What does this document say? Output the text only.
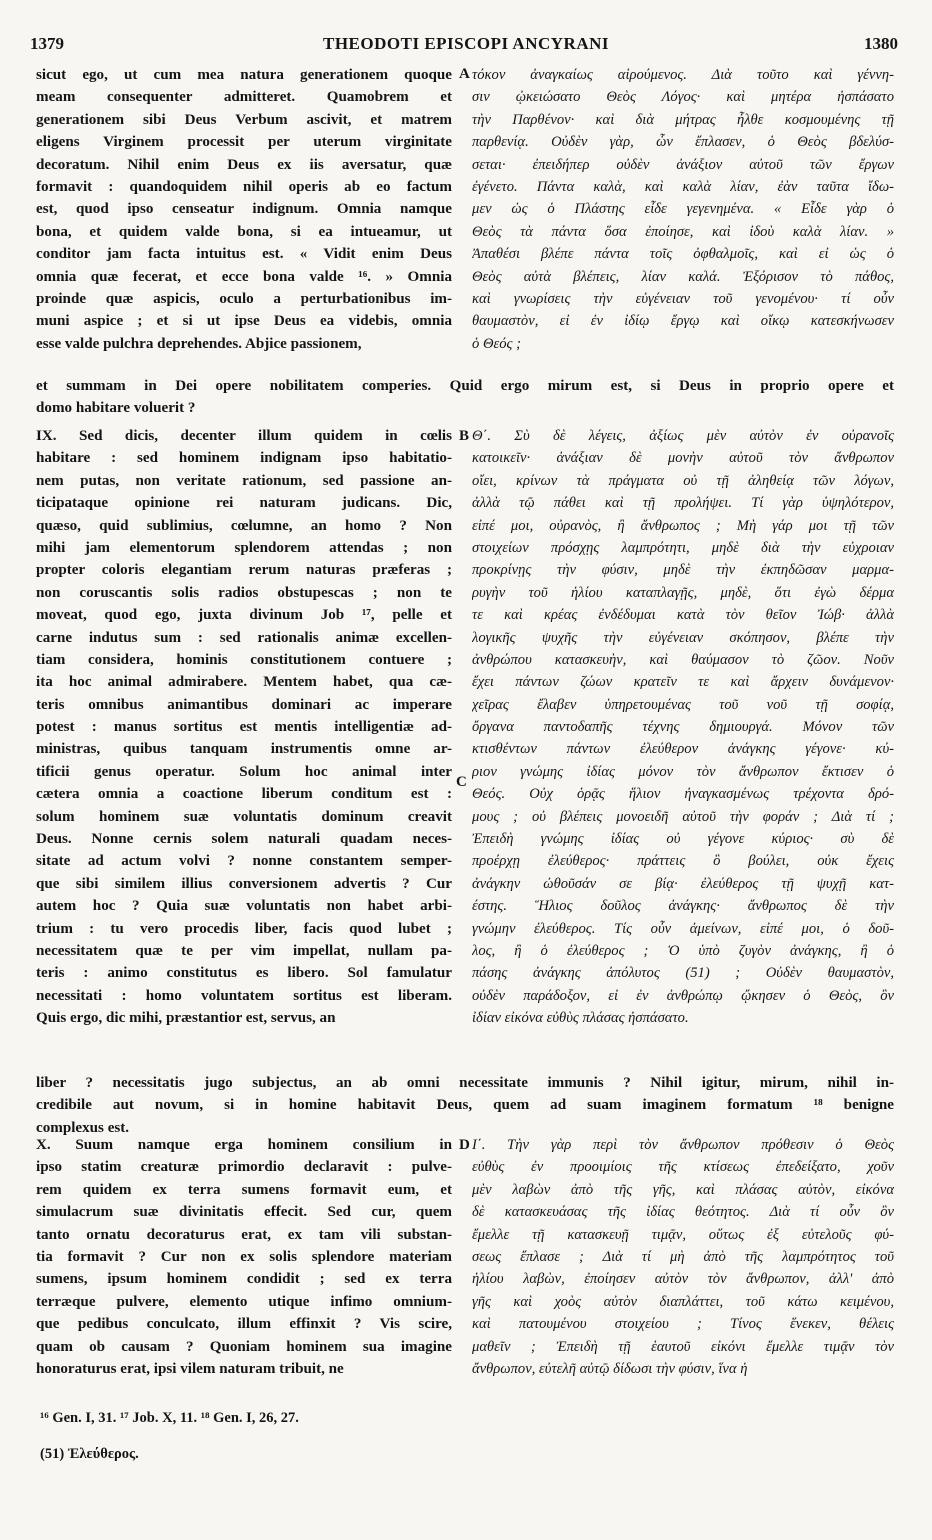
1379	THEODOTI EPISCOPI ANCYRANI	1380
sicut ego, ut cum mea natura generationem quoque
meam consequenter admitteret. Quamobrem et
generationem sibi Deus Verbum ascivit, et matrem
eligens Virginem processit per uterum virginitate
decoratum. Nihil enim Deus ex iis aversatur, quæ
formavit : quandoquidem nihil operis ab eo factum
est, quod ipso censeatur indignum. Omnia namque
bona, et quidem valde bona, si ea intueamur, ut
conditor jam facta intuitus est. « Vidit enim Deus
omnia quæ fecerat, et ecce bona valde ¹⁶. » Omnia
proinde quæ aspicis, oculo a perturbationibus im-
muni aspice ; et si ut ipse Deus ea videbis, omnia
esse valde pulchra deprehendes. Abjice passionem,
τόκον ἀναγκαίως αἱρούμενος. Διὰ τοῦτο καὶ γέννη-
σιν ᾠκειώσατο Θεὸς Λόγος· καὶ μητέρα ἠσπάσατο
τὴν Παρθένον· καὶ διὰ μήτρας ἦλθε κοσμουμένης τῇ
παρθενίᾳ. Οὐδὲν γὰρ, ὧν ἔπλασεν, ὁ Θεὸς βδελύσ-
σεται· ἐπειδήπερ οὐδὲν ἀνάξιον αὐτοῦ τῶν ἔργων
ἐγένετο. Πάντα καλὰ, καὶ καλὰ λίαν, ἐὰν ταῦτα ἴδω-
μεν ὡς ὁ Πλάστης εἶδε γεγενημένα. « Εἶδε γὰρ ὁ
Θεὸς τὰ πάντα ὅσα ἐποίησε, καὶ ἰδοὺ καλὰ λίαν. »
Ἀπαθέσι βλέπε πάντα τοῖς ὀφθαλμοῖς, καὶ εἰ ὡς ὁ
Θεὸς αὐτὰ βλέπεις, λίαν καλά. Ἐξόρισον τὸ πάθος,
καὶ γνωρίσεις τὴν εὐγένειαν τοῦ γενομένου· τί οὖν
θαυμαστὸν, εἰ ἐν ἰδίῳ ἔργῳ καὶ οἴκῳ κατεσκήνωσεν
ὁ Θεός ;
et summam in Dei opere nobilitatem comperies. Quid ergo mirum est, si Deus in proprio opere et
domo habitare voluerit ?
IX. Sed dicis, decenter illum quidem in cœlis
habitare : sed hominem indignam ipso habitatio-
nem putas, non veritate rationum, sed passione an-
ticipataque opinione rei naturam judicans. Dic,
quæso, quid sublimius, cœlumne, an homo ? Non
mihi jam elementorum splendorem attendas ; non
propter coloris elegantiam rerum naturas præferas ;
non coruscantis solis radios obstupescas ; non te
moveat, quod ego, juxta divinum Job ¹⁷, pelle et
carne indutus sum : sed rationalis animæ excellen-
tiam considera, hominis constitutionem contuere ;
ita hoc animal admirabere. Mentem habet, qua cæ-
teris omnibus animantibus dominari ac imperare
potest : manus sortitus est mentis intelligentiæ ad-
ministras, quibus tanquam instrumentis omne ar-
tificii genus operatur. Solum hoc animal inter
cætera omnia a coactione liberum conditum est :
solum hominem suæ voluntatis dominum creavit
Deus. Nonne cernis solem naturali quadam neces-
sitate ad actum volvi ? nonne constantem semper-
que sibi similem illius conversionem advertis ? Cur
autem hoc ? Quia suæ voluntatis non habet arbi-
trium : tu vero procedis liber, facis quod lubet ;
necessitatem quæ te per vim impellat, nullam pa-
teris : animo constitutus es libero. Sol famulatur
necessitati : homo voluntatem sortitus est liberam.
Quis ergo, dic mihi, præstantior est, servus, an
Θ΄. Σὺ δὲ λέγεις, ἀξίως μὲν αὐτὸν ἐν οὐρανοῖς
κατοικεῖν· ἀνάξιαν δὲ μονὴν αὐτοῦ τὸν ἄνθρωπον
οἴει, κρίνων τὰ πράγματα οὐ τῇ ἀληθείᾳ τῶν λόγων,
ἀλλὰ τῷ πάθει καὶ τῇ προλήψει. Τί γὰρ ὑψηλότερον,
εἰπέ μοι, οὐρανὸς, ἢ ἄνθρωπος ; Μὴ γάρ μοι τῇ τῶν
στοιχείων πρόσχῃς λαμπρότητι, μηδὲ διὰ τὴν εὐχροιαν
προκρίνῃς τὴν φύσιν, μηδὲ τὴν ἐκπηδῶσαν μαρμα-
ρυγὴν τοῦ ἡλίου καταπλαγῇς, μηδὲ, ὅτι ἐγὼ δέρμα
τε καὶ κρέας ἐνδέδυμαι κατὰ τὸν θεῖον Ἰώβ· ἀλλὰ
λογικῆς ψυχῆς τὴν εὐγένειαν σκόπησον, βλέπε τὴν
ἀνθρώπου κατασκευὴν, καὶ θαύμασον τὸ ζῶον. Νοῦν
ἔχει πάντων ζώων κρατεῖν τε καὶ ἄρχειν δυνάμενον·
χεῖρας ἔλαβεν ὑπηρετουμένας τοῦ νοῦ τῇ σοφίᾳ,
ὄργανα παντοδαπῆς τέχνης δημιουργά. Μόνον τῶν
κτισθέντων πάντων ἐλεύθερον ἀνάγκης γέγονε· κύ-
ριον γνώμης ἰδίας μόνον τὸν ἄνθρωπον ἔκτισεν ὁ
Θεός. Οὐχ ὁρᾷς ἥλιον ἠναγκασμένως τρέχοντα δρό-
μους ; οὐ βλέπεις μονοειδῆ αὐτοῦ τὴν φοράν ; Διὰ τί ;
Ἐπειδὴ γνώμης ἰδίας οὐ γέγονε κύριος· σὺ δὲ
προέρχῃ ἐλεύθερος· πράττεις ὃ βούλει, οὐκ ἔχεις
ἀνάγκην ὠθοῦσάν σε βίᾳ· ἐλεύθερος τῇ ψυχῇ κατ-
έστης. Ἥλιος δοῦλος ἀνάγκης· ἄνθρωπος δὲ τὴν
γνώμην ἐλεύθερος. Τίς οὖν ἀμείνων, εἰπέ μοι, ὁ δοῦ-
λος, ἢ ὁ ἐλεύθερος ; Ὁ ὑπὸ ζυγὸν ἀνάγκης, ἢ ὁ
πάσης ἀνάγκης ἀπόλυτος (51) ; Οὐδὲν θαυμαστὸν,
οὐδὲν παράδοξον, εἰ ἐν ἀνθρώπῳ ᾤκησεν ὁ Θεὸς, ὃν
ἰδίαν εἰκόνα εὐθὺς πλάσας ἠσπάσατο.
liber ? necessitatis jugo subjectus, an ab omni necessitate immunis ? Nihil igitur, mirum, nihil in-
credibile aut novum, si in homine habitavit Deus, quem ad suam imaginem formatum ¹⁸ benigne
complexus est.
X. Suum namque erga hominem consilium in
ipso statim creaturæ primordio declaravit : pulve-
rem quidem ex terra sumens formavit eum, et
simulacrum suæ divinitatis effecit. Sed cur, quem
tanto ornatu decoraturus erat, ex tam vili substan-
tia formavit ? Cur non ex solis splendore materiam
sumens, ipsum hominem condidit ; sed ex terra
terræque pulvere, elemento utique infimo omnium-
que pedibus conculcato, illum effinxit ? Vis scire,
quam ob causam ? Quoniam hominem sua imagine
honoraturus erat, ipsi vilem naturam tribuit, ne
Ι΄. Τὴν γὰρ περὶ τὸν ἄνθρωπον πρόθεσιν ὁ Θεὸς
εὐθὺς ἐν προοιμίοις τῆς κτίσεως ἐπεδείξατο, χοῦν
μὲν λαβὼν ἀπὸ τῆς γῆς, καὶ πλάσας αὐτὸν, εἰκόνα
δὲ κατασκευάσας τῆς ἰδίας θεότητος. Διὰ τί οὖν ὃν
ἔμελλε τῇ κατασκευῇ τιμᾷν, οὕτως ἐξ εὐτελοῦς φύ-
σεως ἔπλασε ; Διὰ τί μὴ ἀπὸ τῆς λαμπρότητος τοῦ
ἡλίου λαβὼν, ἐποίησεν αὐτὸν τὸν ἄνθρωπον, ἀλλ' ἀπὸ
γῆς καὶ χοὸς αὐτὸν διαπλάττει, τοῦ κάτω κειμένου,
καὶ πατουμένου στοιχείου ; Τίνος ἕνεκεν, θέλεις
μαθεῖν ; Ἐπειδὴ τῇ ἑαυτοῦ εἰκόνι ἔμελλε τιμᾷν τὸν
ἄνθρωπον, εὐτελῆ αὐτῷ δίδωσι τὴν φύσιν, ἵνα ἡ
A
B
C
D
¹⁶ Gen. I, 31. ¹⁷ Job. X, 11. ¹⁸ Gen. I, 26, 27.
(51) Ἐλεύθερος.
